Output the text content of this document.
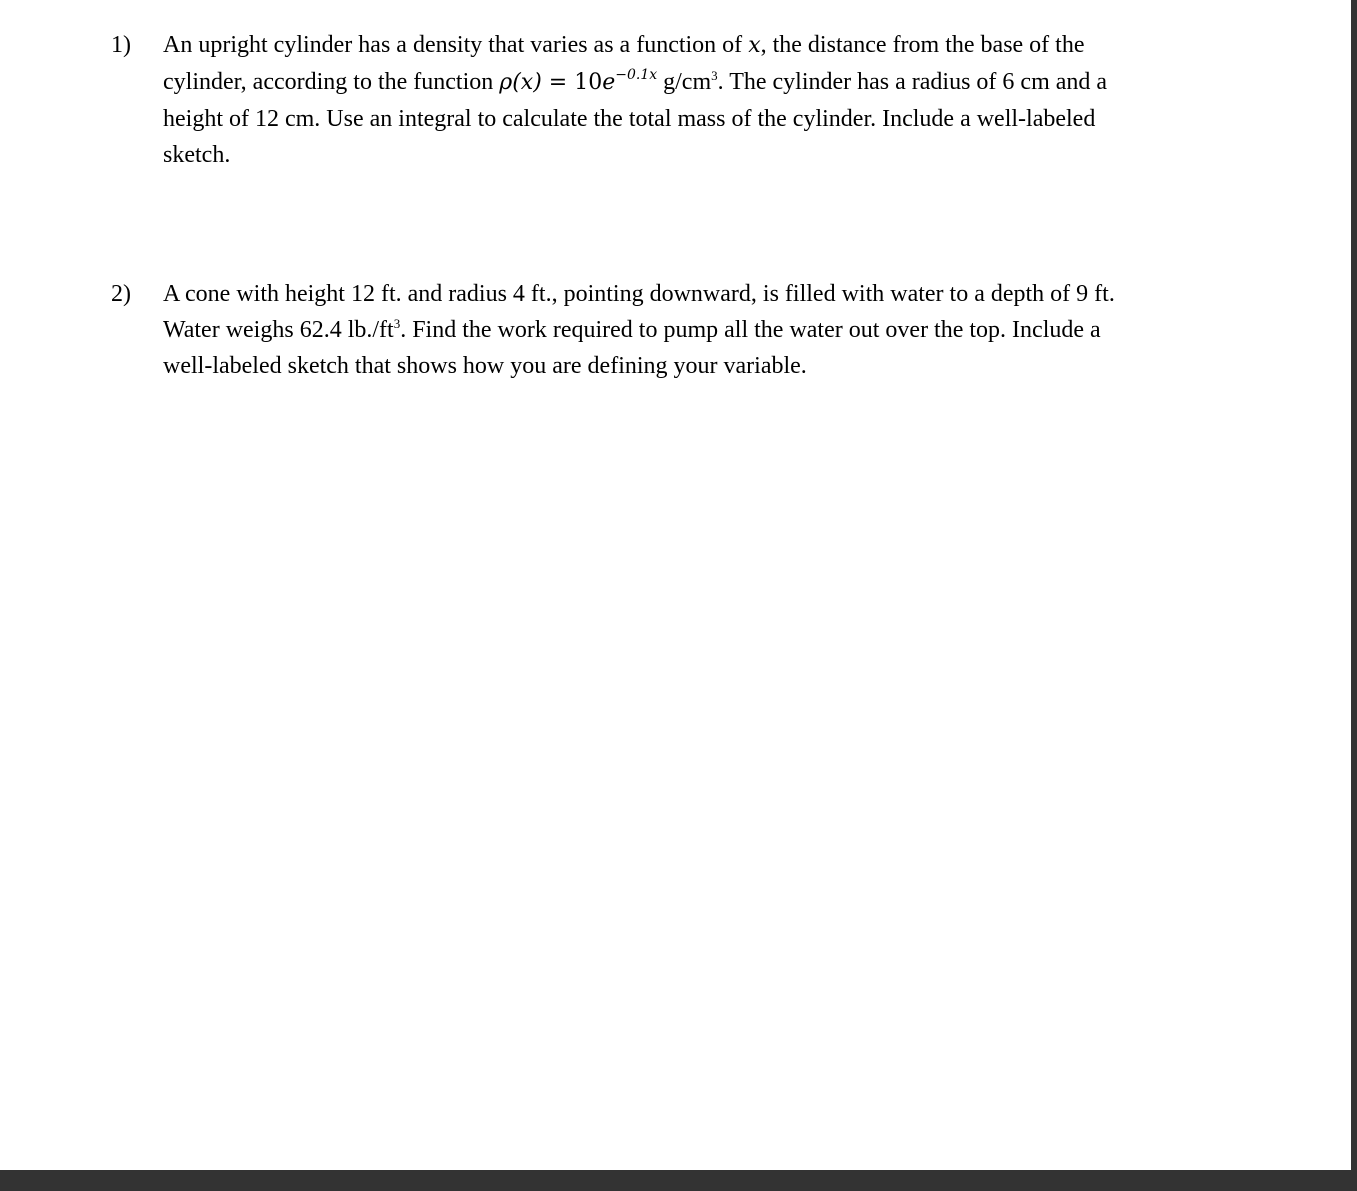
1) An upright cylinder has a density that varies as a function of x, the distance from the base of the
cylinder, according to the function $\rho(x) = 10e^{-0.1x}$ $g/cm^3$. The cylinder has a radius of 6 cm and a
height of 12 cm. Use an integral to calculate the total mass of the cylinder. Include a well-labeled
sketch.
2) A cone with height 12 ft. and radius 4 ft., pointing downward, is filled with water to a depth of 9 ft.
Water weighs 62.4 $lb./ft^3$. Find the work required to pump all the water out over the top. Include a
well-labeled sketch that shows how you are defining your variable.
